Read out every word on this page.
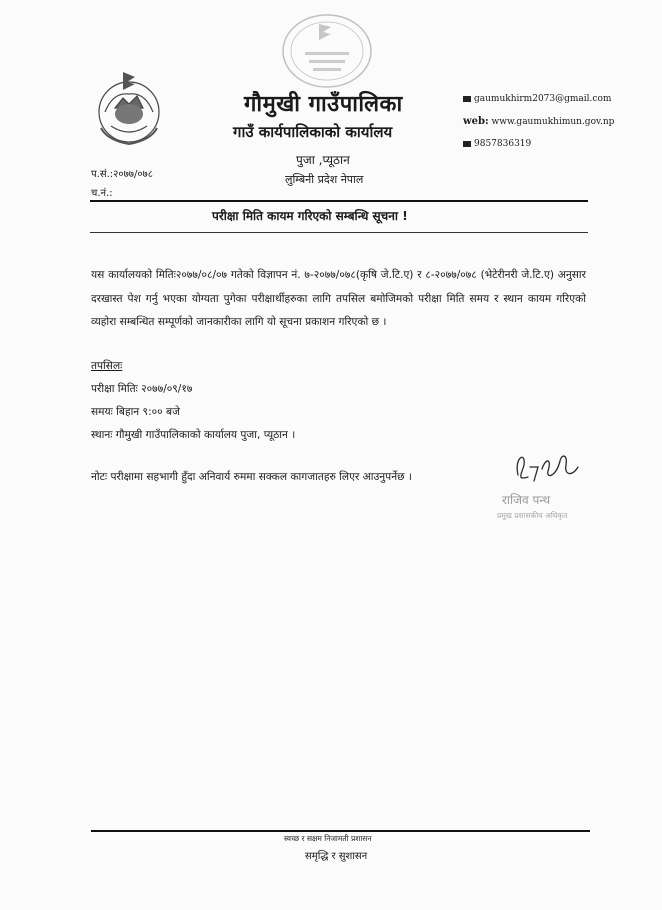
गौमुखी गाउँपालिका
गाउँ कार्यपालिकाको कार्यालय
पुजा ,प्यूठान
लुम्बिनी प्रदेश नेपाल
gaumukhirm2073@gmail.com
web: www.gaumukhimun.gov.np
9857836319
प.सं.:२०७७/०७८
च.नं.:
परीक्षा मिति कायम गरिएको सम्बन्धि सूचना !
यस कार्यालयको मितिः२०७७/०८/०७ गतेको विज्ञापन नं. ७-२०७७/०७८(कृषि जे.टि.ए) र ८-२०७७/०७८ (भेटेरीनरी जे.टि.ए) अनुसार दरखास्त पेश गर्नु भएका योग्यता पुगेका परीक्षार्थीहरुका लागि तपसिल बमोजिमको परीक्षा मिति समय र स्थान कायम गरिएको व्यहोरा सम्बन्धित सम्पूर्णको जानकारीका लागि यो सूचना प्रकाशन गरिएको छ ।
तपसिलः
परीक्षा मितिः २०७७/०९/१७
समयः बिहान ९:०० बजे
स्थानः गौमुखी गाउँपालिकाको कार्यालय पुजा, प्यूठान ।
नोटः परीक्षामा सहभागी हुँदा अनिवार्य रुममा सक्कल कागजातहरु लिएर आउनुपर्नेछ ।
राजिव पन्थ
प्रमुख प्रशासकीय अधिकृत
स्वच्छ र सक्षम निजामती प्रशासन
समृद्धि र सुशासन
